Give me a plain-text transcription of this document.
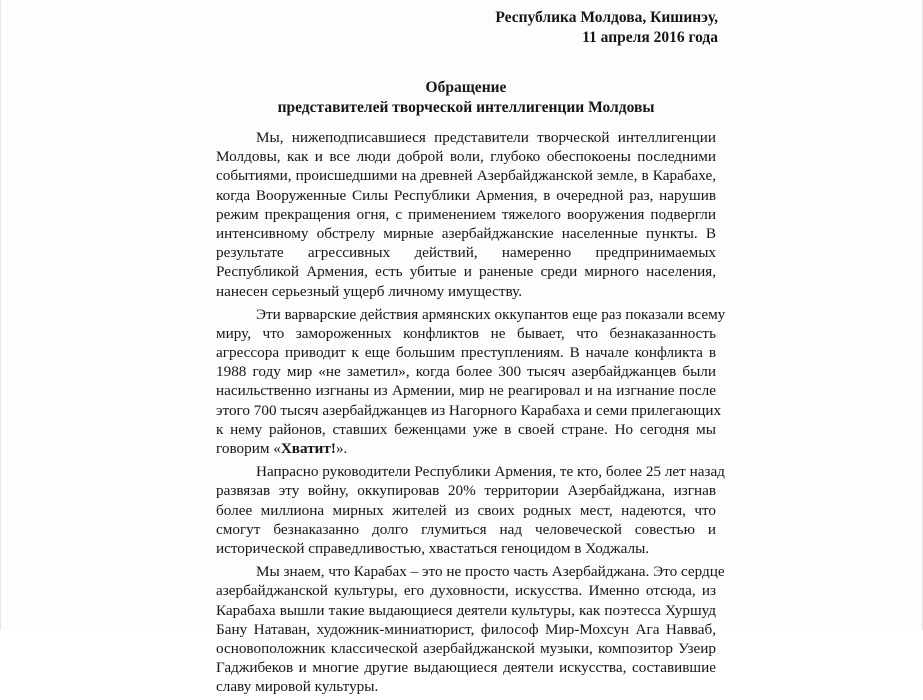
Республика Молдова, Кишинэу,
11 апреля 2016 года
Обращение
представителей творческой интеллигенции Молдовы

Мы, нижеподписавшиеся представители творческой интеллигенции
Молдовы, как и все люди доброй воли, глубоко обеспокоены последними
событиями, происшедшими на древней Азербайджанской земле, в Карабахе,
когда Вооруженные Силы Республики Армения, в очередной раз, нарушив
режим прекращения огня, с применением тяжелого вооружения подвергли
интенсивному обстрелу мирные азербайджанские населенные пункты. В
результате агрессивных действий, намеренно предпринимаемых
Республикой Армения, есть убитые и раненые среди мирного населения,
нанесен серьезный ущерб личному имуществу.

Эти варварские действия армянских оккупантов еще раз показали всему
миру, что замороженных конфликтов не бывает, что безнаказанность
агрессора приводит к еще большим преступлениям. В начале конфликта в
1988 году мир «не заметил», когда более 300 тысяч азербайджанцев были
насильственно изгнаны из Армении, мир не реагировал и на изгнание после
этого 700 тысяч азербайджанцев из Нагорного Карабаха и семи прилегающих
к нему районов, ставших беженцами уже в своей стране. Но сегодня мы
говорим «Хватит!».

Напрасно руководители Республики Армения, те кто, более 25 лет назад
развязав эту войну, оккупировав 20% территории Азербайджана, изгнав
более миллиона мирных жителей из своих родных мест, надеются, что
смогут безнаказанно долго глумиться над человеческой совестью и
исторической справедливостью, хвастаться геноцидом в Ходжалы.

Мы знаем, что Карабах – это не просто часть Азербайджана. Это сердце
азербайджанской культуры, его духовности, искусства. Именно отсюда, из
Карабаха вышли такие выдающиеся деятели культуры, как поэтесса Хуршуд
Бану Натаван, художник-миниатюрист, философ Мир-Мохсун Ага Навваб,
основоположник классической азербайджанской музыки, композитор Узеир
Гаджибеков и многие другие выдающиеся деятели искусства, составившие
славу мировой культуры.
